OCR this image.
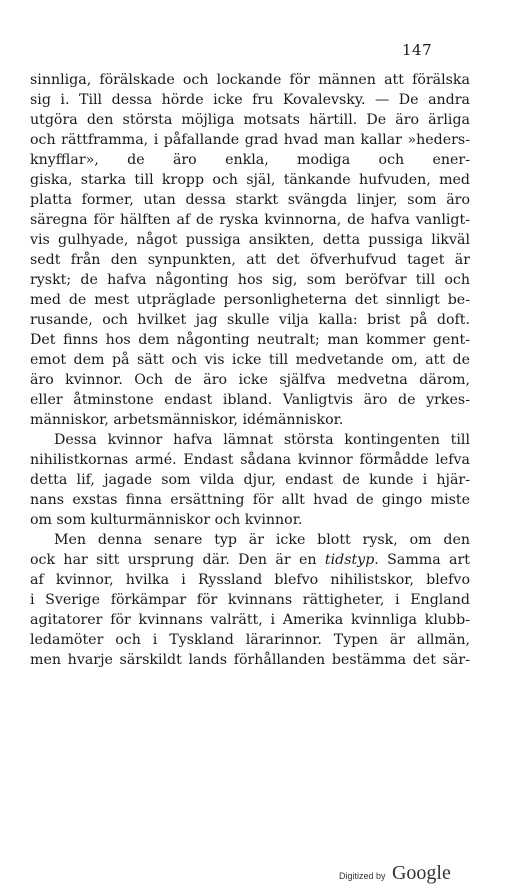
147
sinnliga, förälskade och lockande för männen att förälska
sig i. Till dessa hörde icke fru Kovalevsky. — De andra
utgöra den största möjliga motsats härtill. De äro ärliga
och rättframma, i påfallande grad hvad man kallar »heders-
knyfflar», de äro enkla, modiga och ener-
giska, starka till kropp och själ, tänkande hufvuden, med
platta former, utan dessa starkt svängda linjer, som äro
säregna för hälften af de ryska kvinnorna, de hafva vanligt-
vis gulhyade, något pussiga ansikten, detta pussiga likväl
sedt från den synpunkten, att det öfverhufvud taget är
ryskt; de hafva någonting hos sig, som beröfvar till och
med de mest utpräglade personligheterna det sinnligt be-
rusande, och hvilket jag skulle vilja kalla: brist på doft.
Det finns hos dem någonting neutralt; man kommer gent-
emot dem på sätt och vis icke till medvetande om, att de
äro kvinnor. Och de äro icke själfva medvetna därom,
eller åtminstone endast ibland. Vanligtvis äro de yrkes-
människor, arbetsmänniskor, idémänniskor.
Dessa kvinnor hafva lämnat största kontingenten till
nihilistkornas armé. Endast sådana kvinnor förmådde lefva
detta lif, jagade som vilda djur, endast de kunde i hjär-
nans exstas finna ersättning för allt hvad de gingo miste
om som kulturmänniskor och kvinnor.
Men denna senare typ är icke blott rysk, om den
ock har sitt ursprung där. Den är en tidstyp. Samma art
af kvinnor, hvilka i Ryssland blefvo nihilistskor, blefvo
i Sverige förkämpar för kvinnans rättigheter, i England
agitatorer för kvinnans valrätt, i Amerika kvinnliga klubb-
ledamöter och i Tyskland lärarinnor. Typen är allmän,
men hvarje särskildt lands förhållanden bestämma det sär-
Digitized by Google
